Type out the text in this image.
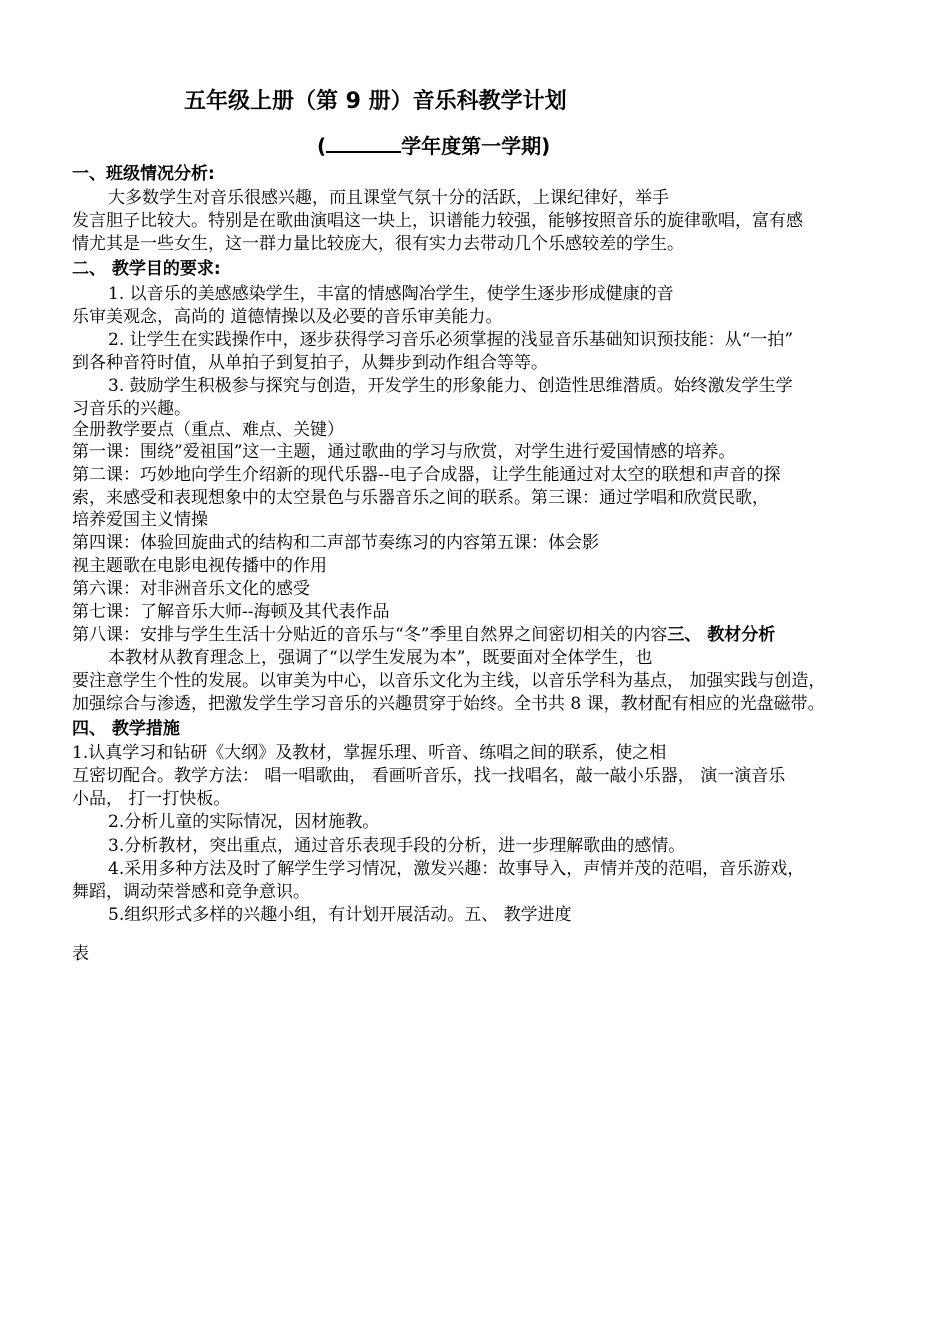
五年级上册（第 9 册）音乐科教学计划
(	学年度第一学期)
一、班级情况分析:
大多数学生对音乐很感兴趣，而且课堂气氛十分的活跃，上课纪律好，举手
发言胆子比较大。特别是在歌曲演唱这一块上，识谱能力较强，能够按照音乐的旋律歌唱，富有感
情尤其是一些女生，这一群力量比较庞大，很有实力去带动几个乐感较差的学生。
二、 教学目的要求:
1. 以音乐的美感感染学生，丰富的情感陶冶学生，使学生逐步形成健康的音
乐审美观念，高尚的 道德情操以及必要的音乐审美能力。
2. 让学生在实践操作中，逐步获得学习音乐必须掌握的浅显音乐基础知识预技能：从“一拍”
到各种音符时值，从单拍子到复拍子，从舞步到动作组合等等。
3. 鼓励学生积极参与探究与创造，开发学生的形象能力、创造性思维潜质。始终激发学生学
习音乐的兴趣。
全册教学要点（重点、难点、关键）
第一课：围绕”爱祖国”这一主题，通过歌曲的学习与欣赏，对学生进行爱国情感的培养。
第二课：巧妙地向学生介绍新的现代乐器--电子合成器，让学生能通过对太空的联想和声音的探
索，来感受和表现想象中的太空景色与乐器音乐之间的联系。第三课：通过学唱和欣赏民歌，
培养爱国主义情操
第四课：体验回旋曲式的结构和二声部节奏练习的内容第五课：体会影
视主题歌在电影电视传播中的作用
第六课：对非洲音乐文化的感受
第七课：了解音乐大师--海顿及其代表作品
第八课：安排与学生生活十分贴近的音乐与“冬”季里自然界之间密切相关的内容三、 教材分析
本教材从教育理念上，强调了“以学生发展为本”，既要面对全体学生，也
要注意学生个性的发展。以审美为中心，以音乐文化为主线，以音乐学科为基点， 加强实践与创造，
加强综合与渗透，把激发学生学习音乐的兴趣贯穿于始终。全书共 8 课，教材配有相应的光盘磁带。
四、 教学措施
1.认真学习和钻研《大纲》及教材，掌握乐理、听音、练唱之间的联系，使之相
互密切配合。教学方法： 唱一唱歌曲， 看画听音乐，找一找唱名，敲一敲小乐器， 演一演音乐
小品， 打一打快板。
2.分析儿童的实际情况，因材施教。
3.分析教材，突出重点，通过音乐表现手段的分析，进一步理解歌曲的感情。
4.采用多种方法及时了解学生学习情况，激发兴趣：故事导入，声情并茂的范唱，音乐游戏，
舞蹈，调动荣誉感和竞争意识。
5.组织形式多样的兴趣小组，有计划开展活动。五、 教学进度
表
